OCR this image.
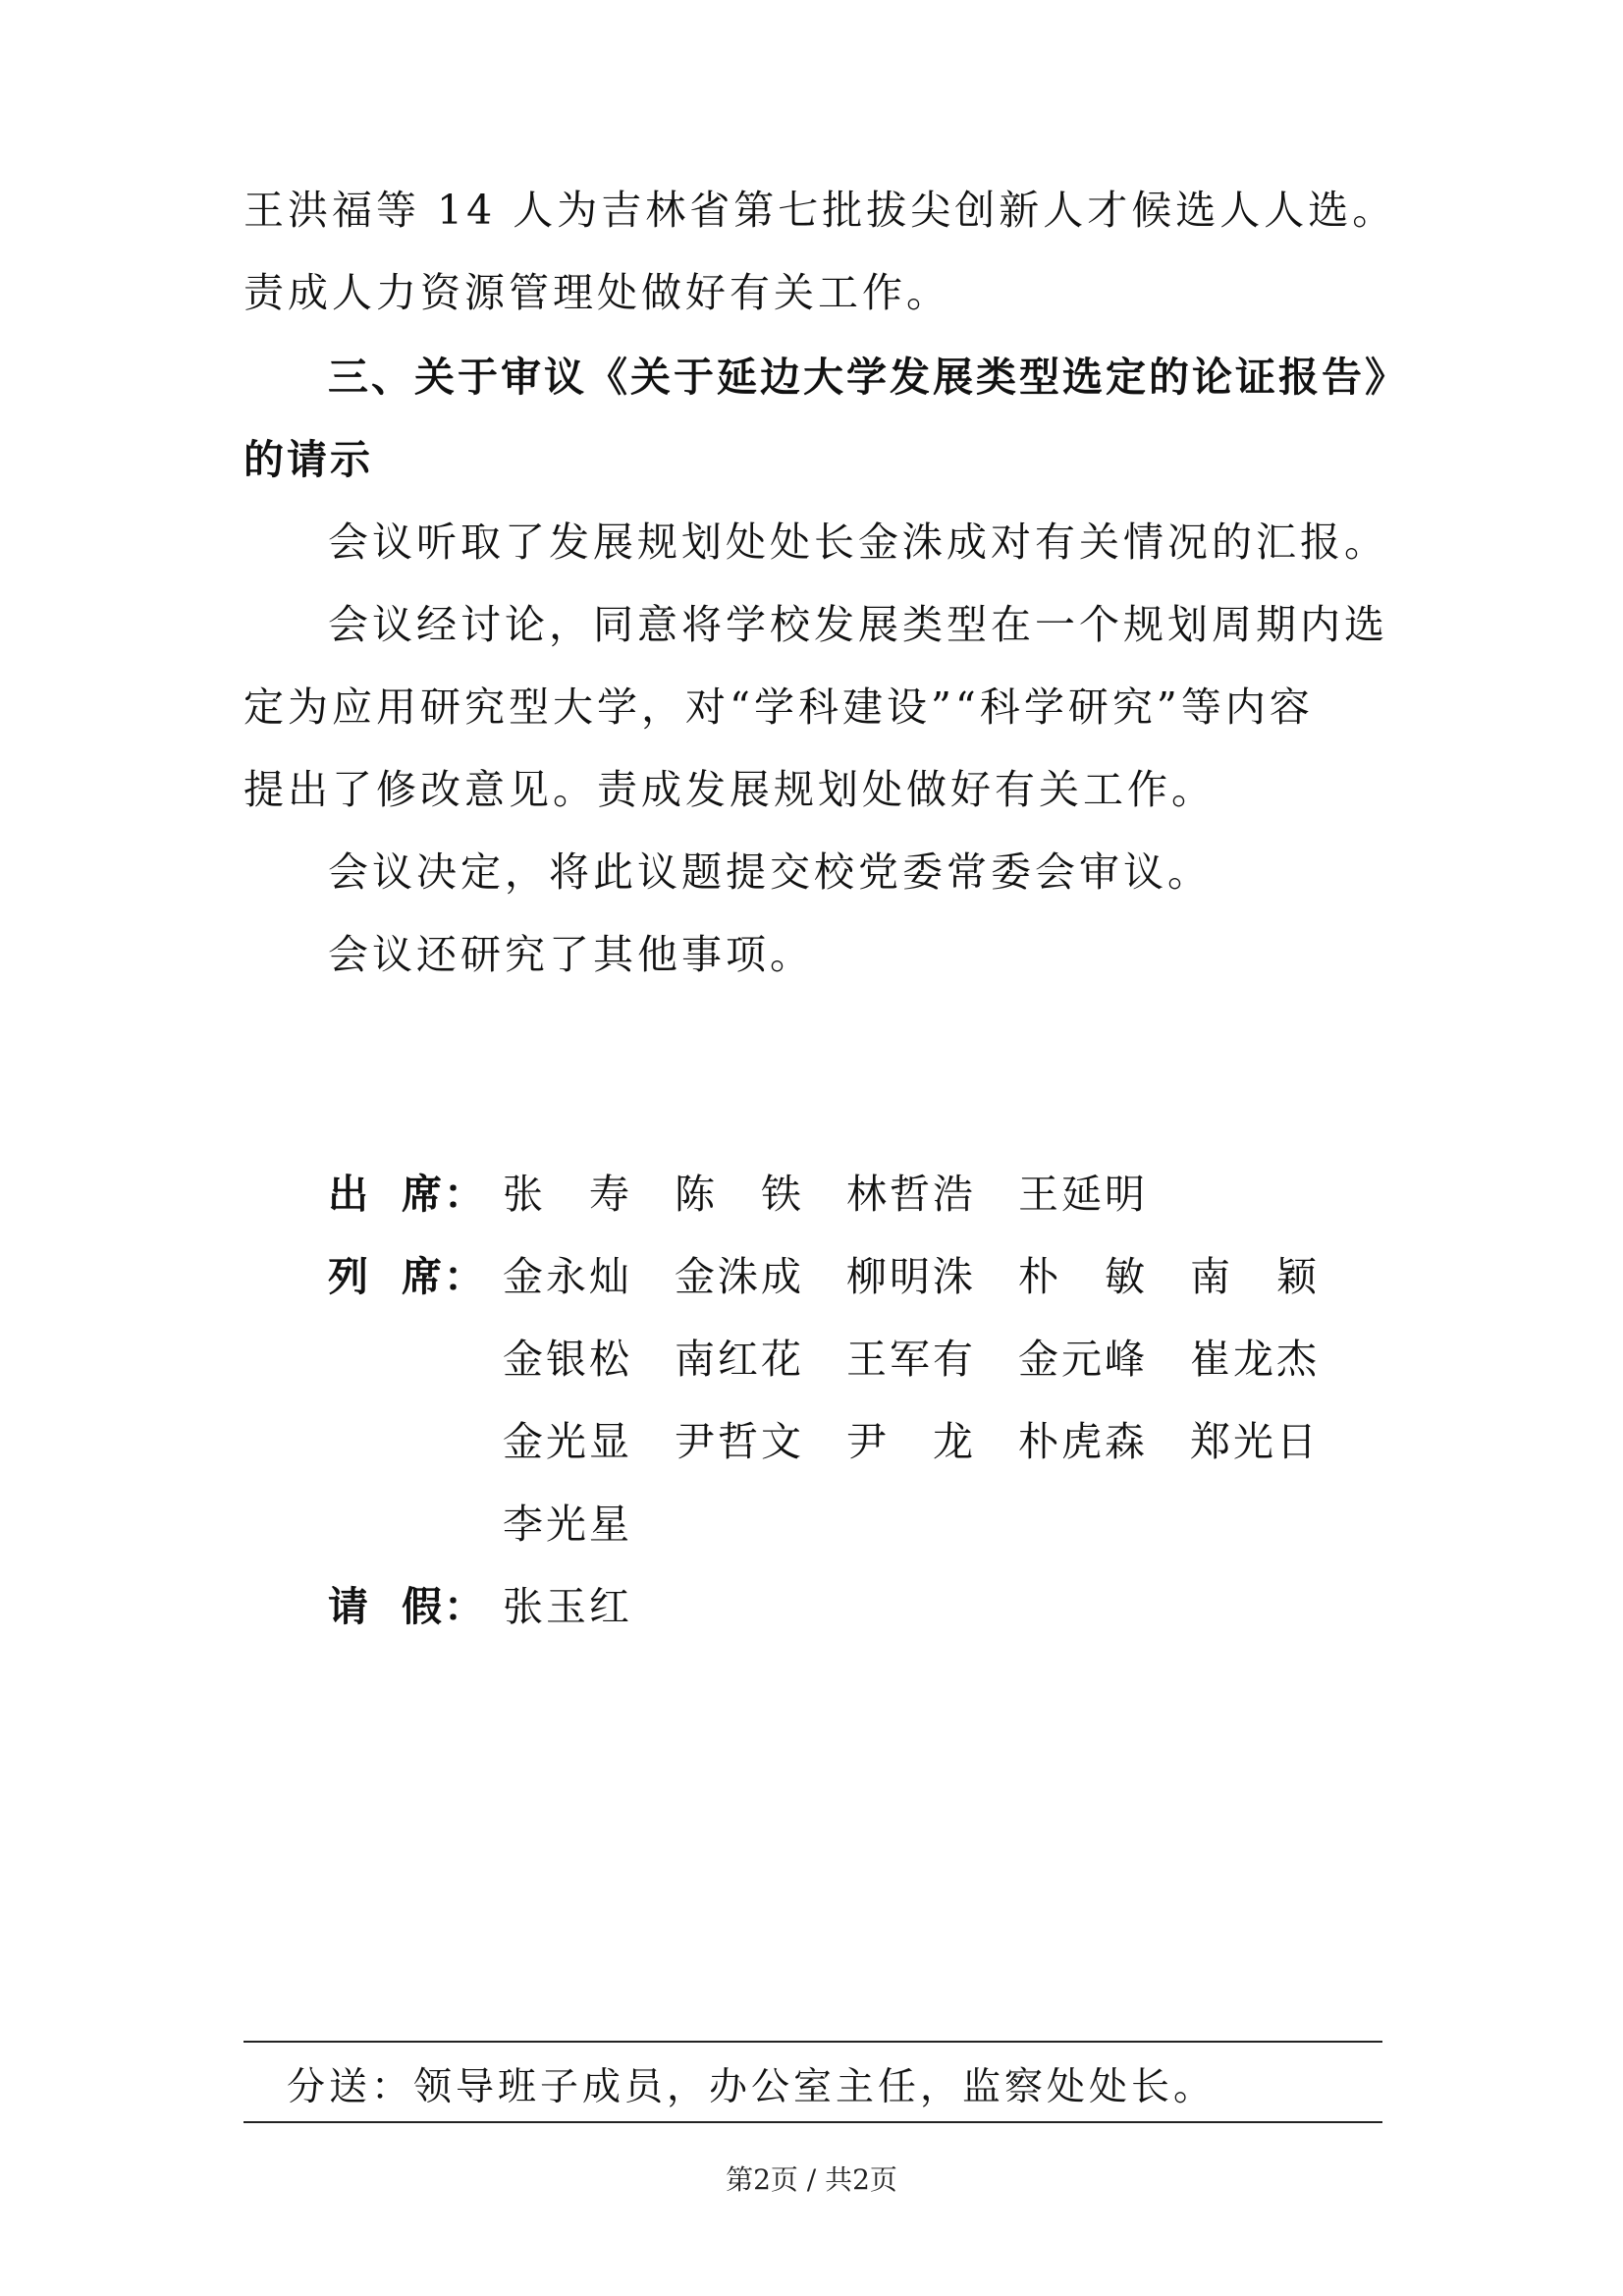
王洪福等 14 人为吉林省第七批拔尖创新人才候选人人选。

责成人力资源管理处做好有关工作。

三、关于审议《关于延边大学发展类型选定的论证报告》

的请示

会议听取了发展规划处处长金洙成对有关情况的汇报。

会议经讨论，同意将学校发展类型在一个规划周期内选

定为应用研究型大学，对“学科建设”“科学研究”等内容

提出了修改意见。责成发展规划处做好有关工作。

会议决定，将此议题提交校党委常委会审议。

会议还研究了其他事项。

出 席 ： 张　寿 陈　铁 林哲浩 王延明
列 席 ： 金永灿 金洙成 柳明洙 朴　敏 南　颖
金银松 南红花 王军有 金元峰 崔龙杰
金光显 尹哲文 尹　龙 朴虎森 郑光日
李光星
请 假 ： 张玉红
分送：领导班子成员，办公室主任，监察处处长。
第2页 / 共2页
